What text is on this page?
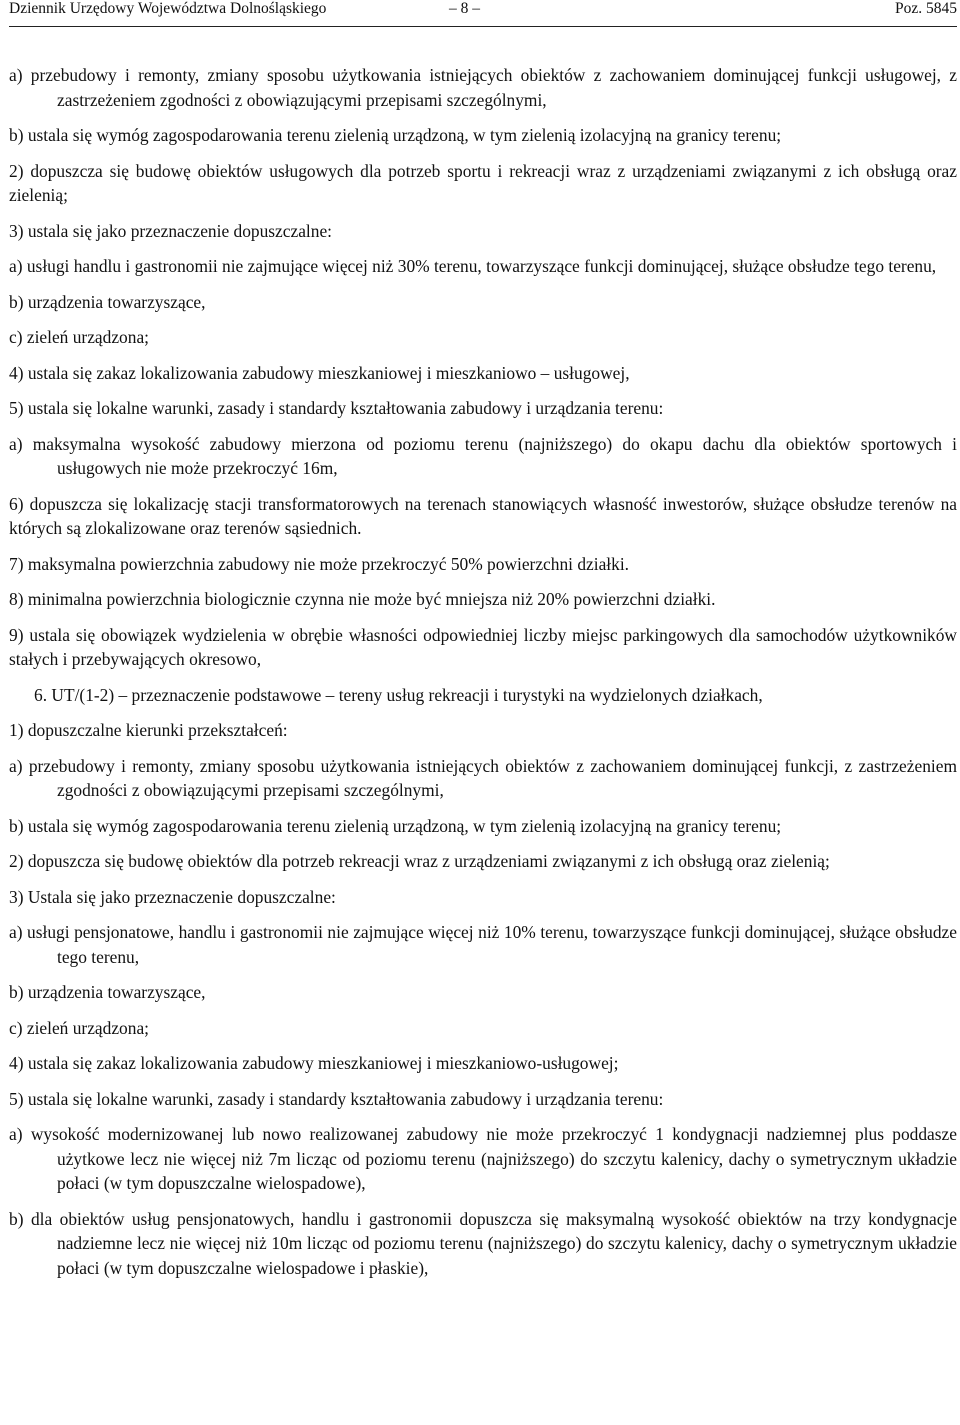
Dziennik Urzędowy Województwa Dolnośląskiego	– 8 –	Poz. 5845

a) przebudowy i remonty, zmiany sposobu użytkowania istniejących obiektów z zachowaniem dominującej funkcji usługowej, z zastrzeżeniem zgodności z obowiązującymi przepisami szczególnymi,

b) ustala się wymóg zagospodarowania terenu zielenią urządzoną, w tym zielenią izolacyjną na granicy terenu;

2) dopuszcza się budowę obiektów usługowych dla potrzeb sportu i rekreacji wraz z urządzeniami związanymi z ich obsługą oraz zielenią;

3) ustala się jako przeznaczenie dopuszczalne:

a) usługi handlu i gastronomii nie zajmujące więcej niż 30% terenu, towarzyszące funkcji dominującej, służące obsłudze tego terenu,

b) urządzenia towarzyszące,

c) zieleń urządzona;

4) ustala się zakaz lokalizowania zabudowy mieszkaniowej i mieszkaniowo – usługowej,

5) ustala się lokalne warunki, zasady i standardy kształtowania zabudowy i urządzania terenu:

a) maksymalna wysokość zabudowy mierzona od poziomu terenu (najniższego) do okapu dachu dla obiektów sportowych i usługowych nie może przekroczyć 16m,

6) dopuszcza się lokalizację stacji transformatorowych na terenach stanowiących własność inwestorów, służące obsłudze terenów na których są zlokalizowane oraz terenów sąsiednich.

7) maksymalna powierzchnia zabudowy nie może przekroczyć 50% powierzchni działki.

8) minimalna powierzchnia biologicznie czynna nie może być mniejsza niż 20% powierzchni działki.

9) ustala się obowiązek wydzielenia w obrębie własności odpowiedniej liczby miejsc parkingowych dla samochodów użytkowników stałych i przebywających okresowo,

6. UT/(1-2) – przeznaczenie podstawowe – tereny usług rekreacji i turystyki na wydzielonych działkach,

1) dopuszczalne kierunki przekształceń:

a) przebudowy i remonty, zmiany sposobu użytkowania istniejących obiektów z zachowaniem dominującej funkcji, z zastrzeżeniem zgodności z obowiązującymi przepisami szczególnymi,

b) ustala się wymóg zagospodarowania terenu zielenią urządzoną, w tym zielenią izolacyjną na granicy terenu;

2) dopuszcza się budowę obiektów dla potrzeb rekreacji wraz z urządzeniami związanymi z ich obsługą oraz zielenią;

3) Ustala się jako przeznaczenie dopuszczalne:

a) usługi pensjonatowe, handlu i gastronomii nie zajmujące więcej niż 10% terenu, towarzyszące funkcji dominującej, służące obsłudze tego terenu,

b) urządzenia towarzyszące,

c) zieleń urządzona;

4) ustala się zakaz lokalizowania zabudowy mieszkaniowej i mieszkaniowo-usługowej;

5) ustala się lokalne warunki, zasady i standardy kształtowania zabudowy i urządzania terenu:

a) wysokość modernizowanej lub nowo realizowanej zabudowy nie może przekroczyć 1 kondygnacji nadziemnej plus poddasze użytkowe lecz nie więcej niż 7m licząc od poziomu terenu (najniższego) do szczytu kalenicy, dachy o symetrycznym układzie połaci (w tym dopuszczalne wielospadowe),

b) dla obiektów usług pensjonatowych, handlu i gastronomii dopuszcza się maksymalną wysokość obiektów na trzy kondygnacje nadziemne lecz nie więcej niż 10m licząc od poziomu terenu (najniższego) do szczytu kalenicy, dachy o symetrycznym układzie połaci (w tym dopuszczalne wielospadowe i płaskie),
